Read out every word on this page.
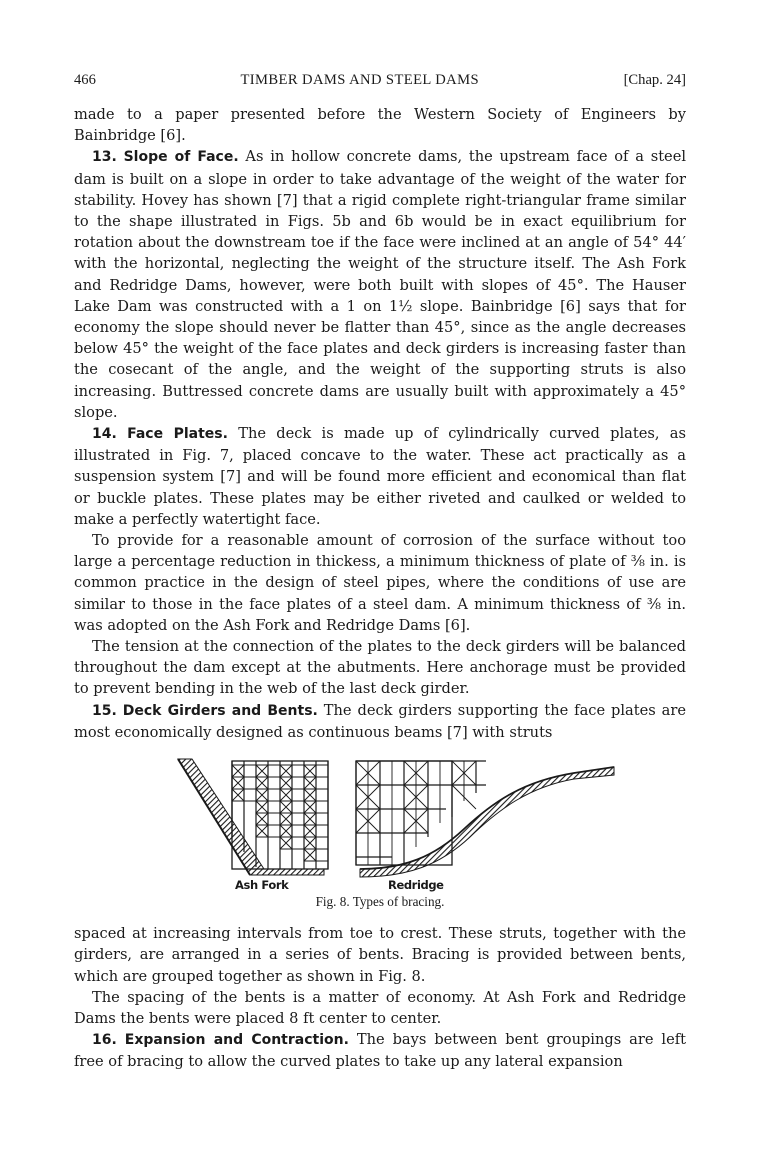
466	TIMBER DAMS AND STEEL DAMS	[Chap. 24]

made to a paper presented before the Western Society of Engineers by Bainbridge [6].

13. Slope of Face. As in hollow concrete dams, the upstream face of a steel dam is built on a slope in order to take advantage of the weight of the water for stability. Hovey has shown [7] that a rigid complete right-triangular frame similar to the shape illustrated in Figs. 5b and 6b would be in exact equilibrium for rotation about the downstream toe if the face were inclined at an angle of 54° 44′ with the horizontal, neglecting the weight of the structure itself. The Ash Fork and Redridge Dams, however, were both built with slopes of 45°. The Hauser Lake Dam was constructed with a 1 on 1½ slope. Bainbridge [6] says that for economy the slope should never be flatter than 45°, since as the angle decreases below 45° the weight of the face plates and deck girders is increasing faster than the cosecant of the angle, and the weight of the supporting struts is also increasing. Buttressed concrete dams are usually built with approximately a 45° slope.

14. Face Plates. The deck is made up of cylindrically curved plates, as illustrated in Fig. 7, placed concave to the water. These act practically as a suspension system [7] and will be found more efficient and economical than flat or buckle plates. These plates may be either riveted and caulked or welded to make a perfectly watertight face.

To provide for a reasonable amount of corrosion of the surface without too large a percentage reduction in thickess, a minimum thickness of plate of ⅜ in. is common practice in the design of steel pipes, where the conditions of use are similar to those in the face plates of a steel dam. A minimum thickness of ⅜ in. was adopted on the Ash Fork and Redridge Dams [6].

The tension at the connection of the plates to the deck girders will be balanced throughout the dam except at the abutments. Here anchorage must be provided to prevent bending in the web of the last deck girder.

15. Deck Girders and Bents. The deck girders supporting the face plates are most economically designed as continuous beams [7] with struts

Ash Fork	Redridge
Fig. 8. Types of bracing.

spaced at increasing intervals from toe to crest. These struts, together with the girders, are arranged in a series of bents. Bracing is provided between bents, which are grouped together as shown in Fig. 8.

The spacing of the bents is a matter of economy. At Ash Fork and Redridge Dams the bents were placed 8 ft center to center.

16. Expansion and Contraction. The bays between bent groupings are left free of bracing to allow the curved plates to take up any lateral expansion
